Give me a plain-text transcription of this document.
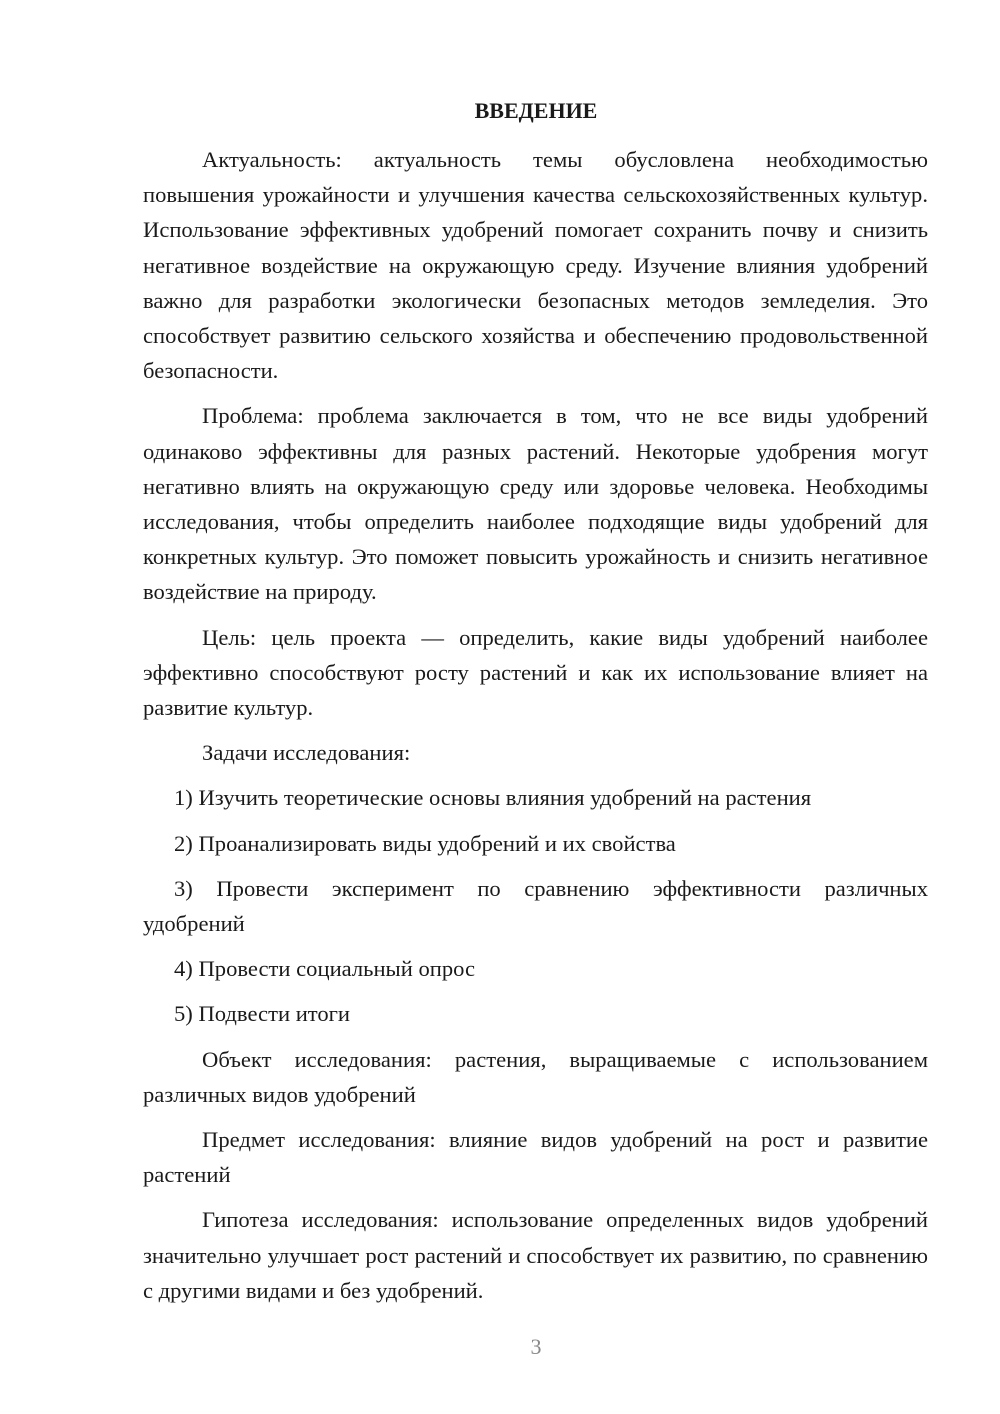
ВВЕДЕНИЕ

Актуальность: актуальность темы обусловлена необходимостью повышения урожайности и улучшения качества сельскохозяйственных культур. Использование эффективных удобрений помогает сохранить почву и снизить негативное воздействие на окружающую среду. Изучение влияния удобрений важно для разработки экологически безопасных методов земледелия. Это способствует развитию сельского хозяйства и обеспечению продовольственной безопасности.

Проблема: проблема заключается в том, что не все виды удобрений одинаково эффективны для разных растений. Некоторые удобрения могут негативно влиять на окружающую среду или здоровье человека. Необходимы исследования, чтобы определить наиболее подходящие виды удобрений для конкретных культур. Это поможет повысить урожайность и снизить негативное воздействие на природу.

Цель: цель проекта — определить, какие виды удобрений наиболее эффективно способствуют росту растений и как их использование влияет на развитие культур.

Задачи исследования:

1) Изучить теоретические основы влияния удобрений на растения

2) Проанализировать виды удобрений и их свойства

3) Провести эксперимент по сравнению эффективности различных удобрений

4) Провести социальный опрос

5) Подвести итоги

Объект исследования: растения, выращиваемые с использованием различных видов удобрений

Предмет исследования: влияние видов удобрений на рост и развитие растений

Гипотеза исследования: использование определенных видов удобрений значительно улучшает рост растений и способствует их развитию, по сравнению с другими видами и без удобрений.

3
